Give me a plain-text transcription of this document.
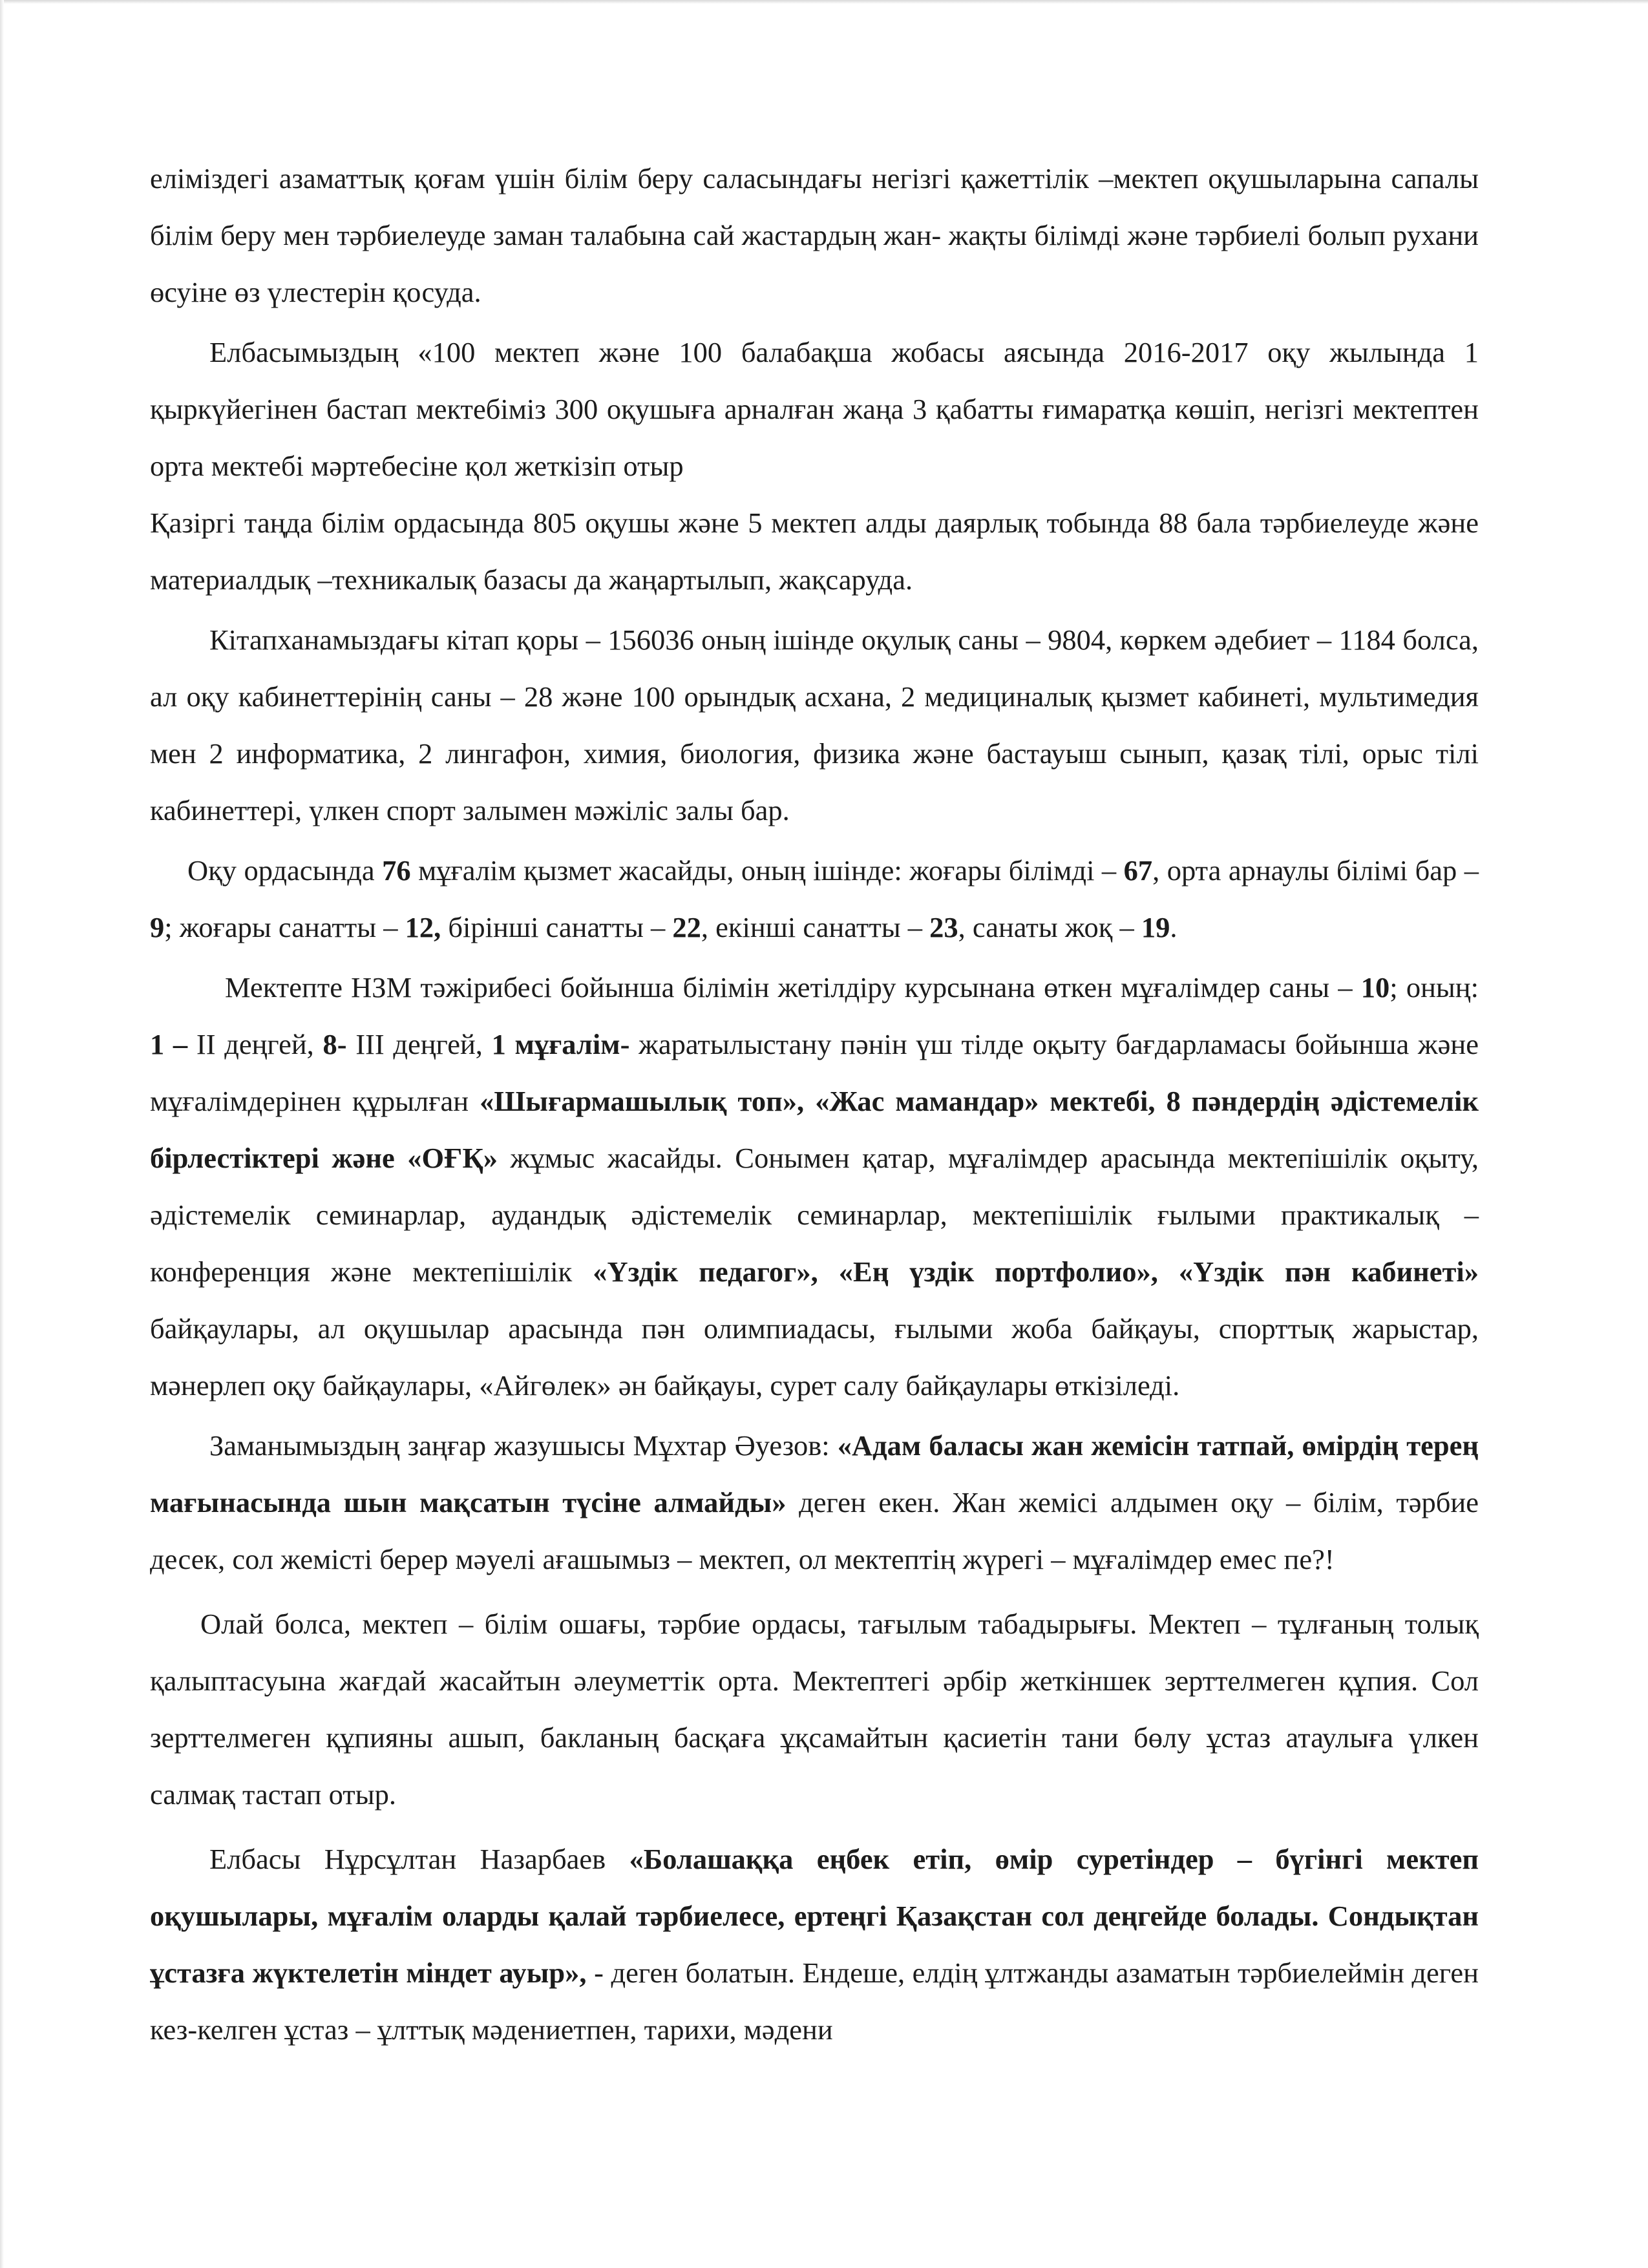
еліміздегі азаматтық қоғам үшін білім беру саласындағы негізгі қажеттілік –мектеп оқушыларына сапалы білім беру мен тәрбиелеуде заман талабына сай жастардың жан- жақты білімді және тәрбиелі болып рухани өсуіне өз үлестерін қосуда.

Елбасымыздың «100 мектеп және 100 балабақша жобасы аясында 2016-2017 оқу жылында 1 қыркүйегінен бастап мектебіміз 300 оқушыға арналған жаңа 3 қабатты ғимаратқа көшіп, негізгі мектептен орта мектебі мәртебесіне қол жеткізіп отыр

Қазіргі таңда білім ордасында 805 оқушы және 5 мектеп алды даярлық тобында 88 бала тәрбиелеуде және материалдық –техникалық базасы да жаңартылып, жақсаруда.

Кітапханамыздағы кітап қоры – 156036 оның ішінде оқулық саны – 9804, көркем әдебиет – 1184 болса, ал оқу кабинеттерінің саны – 28 және 100 орындық асхана, 2 медициналық қызмет кабинеті, мультимедия мен 2 информатика, 2 лингафон, химия, биология, физика және бастауыш сынып, қазақ тілі, орыс тілі кабинеттері, үлкен спорт залымен мәжіліс залы бар.

Оқу ордасында 76 мұғалім қызмет жасайды, оның ішінде: жоғары білімді – 67, орта арнаулы білімі бар – 9; жоғары санатты – 12, бірінші санатты – 22, екінші санатты – 23, санаты жоқ – 19.

Мектепте НЗМ тәжірибесі бойынша білімін жетілдіру курсынана өткен мұғалімдер саны – 10; оның: 1 – II деңгей, 8- III деңгей, 1 мұғалім- жаратылыстану пәнін үш тілде оқыту бағдарламасы бойынша және мұғалімдерінен құрылған «Шығармашылық топ», «Жас мамандар» мектебі, 8 пәндердің әдістемелік бірлестіктері және «ОҒҚ» жұмыс жасайды. Сонымен қатар, мұғалімдер арасында мектепішілік оқыту, әдістемелік семинарлар, аудандық әдістемелік семинарлар, мектепішілік ғылыми практикалық – конференция және мектепішілік «Үздік педагог», «Ең үздік портфолио», «Үздік пән кабинеті» байқаулары, ал оқушылар арасында пән олимпиадасы, ғылыми жоба байқауы, спорттық жарыстар, мәнерлеп оқу байқаулары, «Айгөлек» ән байқауы, сурет салу байқаулары өткізіледі.

Заманымыздың заңғар жазушысы Мұхтар Әуезов: «Адам баласы жан жемісін татпай, өмірдің терең мағынасында шын мақсатын түсіне алмайды» деген екен. Жан жемісі алдымен оқу – білім, тәрбие десек, сол жемісті берер мәуелі ағашымыз – мектеп, ол мектептің жүрегі – мұғалімдер емес пе?!

Олай болса, мектеп – білім ошағы, тәрбие ордасы, тағылым табадырығы. Мектеп – тұлғаның толық қалыптасуына жағдай жасайтын әлеуметтік орта. Мектептегі әрбір жеткіншек зерттелмеген құпия. Сол зерттелмеген құпияны ашып, бакланың басқаға ұқсамайтын қасиетін тани бөлу ұстаз атаулыға үлкен салмақ тастап отыр.

Елбасы Нұрсұлтан Назарбаев «Болашаққа еңбек етіп, өмір суретіндер – бүгінгі мектеп оқушылары, мұғалім оларды қалай тәрбиелесе, ертеңгі Қазақстан сол деңгейде болады. Сондықтан ұстазға жүктелетін міндет ауыр», - деген болатын. Ендеше, елдің ұлтжанды азаматын тәрбиелеймін деген кез-келген ұстаз – ұлттық мәдениетпен, тарихи, мәдени
